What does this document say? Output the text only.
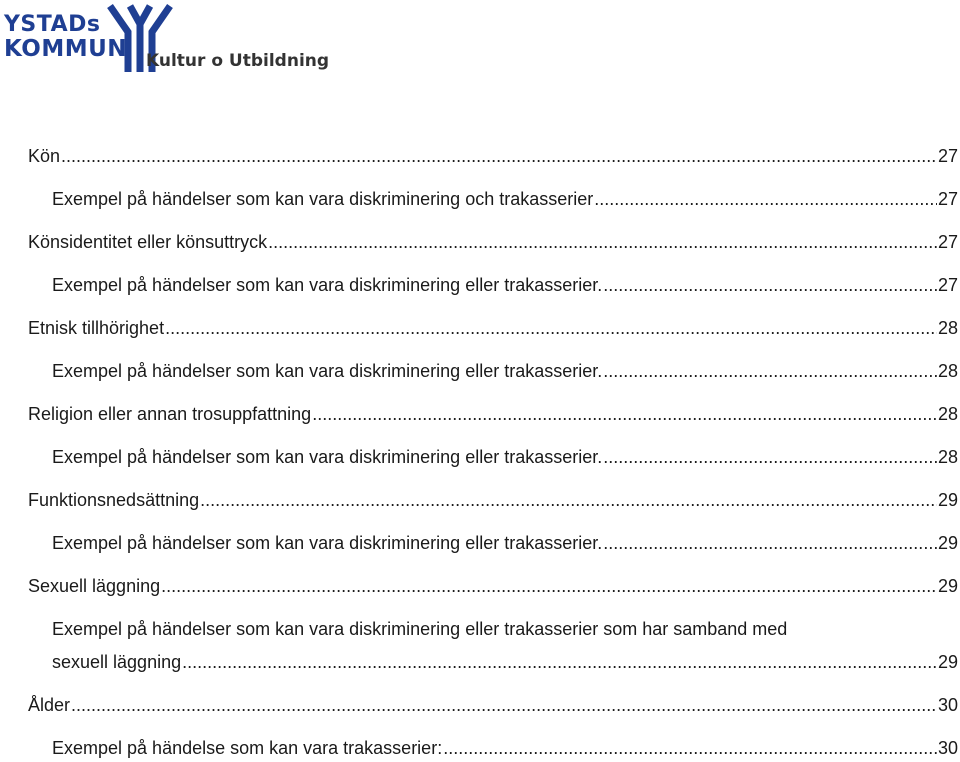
YSTADs
KOMMUN Kultur o Utbildning
Kön .....	27
Exempel på händelser som kan vara diskriminering och trakasserier .....	27
Könsidentitet eller könsuttryck .....	27
Exempel på händelser som kan vara diskriminering eller trakasserier. .....	27
Etnisk tillhörighet .....	28
Exempel på händelser som kan vara diskriminering eller trakasserier. .....	28
Religion eller annan trosuppfattning .....	28
Exempel på händelser som kan vara diskriminering eller trakasserier. .....	28
Funktionsnedsättning .....	29
Exempel på händelser som kan vara diskriminering eller trakasserier. .....	29
Sexuell läggning .....	29
Exempel på händelser som kan vara diskriminering eller trakasserier som har samband med
sexuell läggning .....	29
Ålder .....	30
Exempel på händelse som kan vara trakasserier: .....	30
